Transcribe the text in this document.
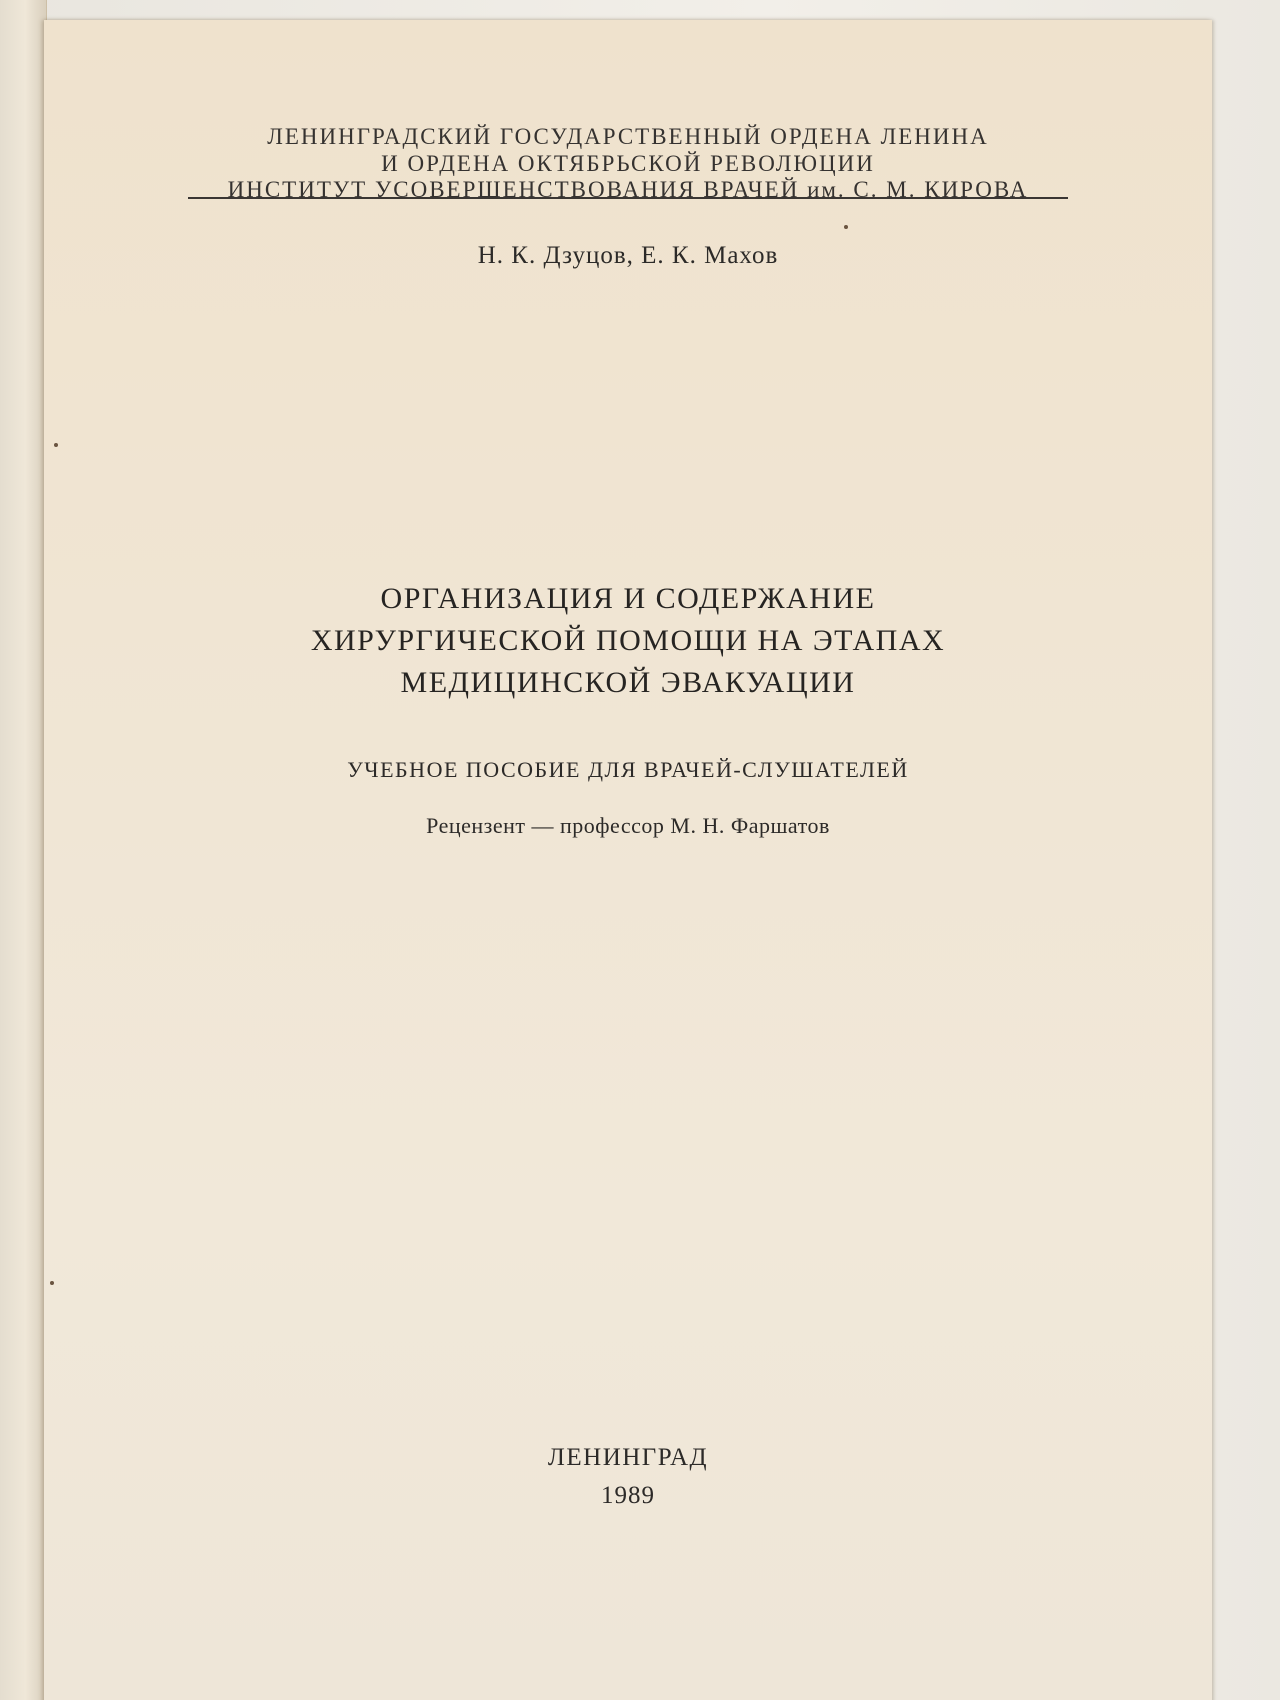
ЛЕНИНГРАДСКИЙ ГОСУДАРСТВЕННЫЙ ОРДЕНА ЛЕНИНА
И ОРДЕНА ОКТЯБРЬСКОЙ РЕВОЛЮЦИИ
ИНСТИТУТ УСОВЕРШЕНСТВОВАНИЯ ВРАЧЕЙ им. С. М. КИРОВА
Н. К. Дзуцов, Е. К. Махов
ОРГАНИЗАЦИЯ И СОДЕРЖАНИЕ
ХИРУРГИЧЕСКОЙ ПОМОЩИ НА ЭТАПАХ
МЕДИЦИНСКОЙ ЭВАКУАЦИИ
УЧЕБНОЕ ПОСОБИЕ ДЛЯ ВРАЧЕЙ-СЛУШАТЕЛЕЙ
Рецензент — профессор М. Н. Фаршатов
ЛЕНИНГРАД
1989
